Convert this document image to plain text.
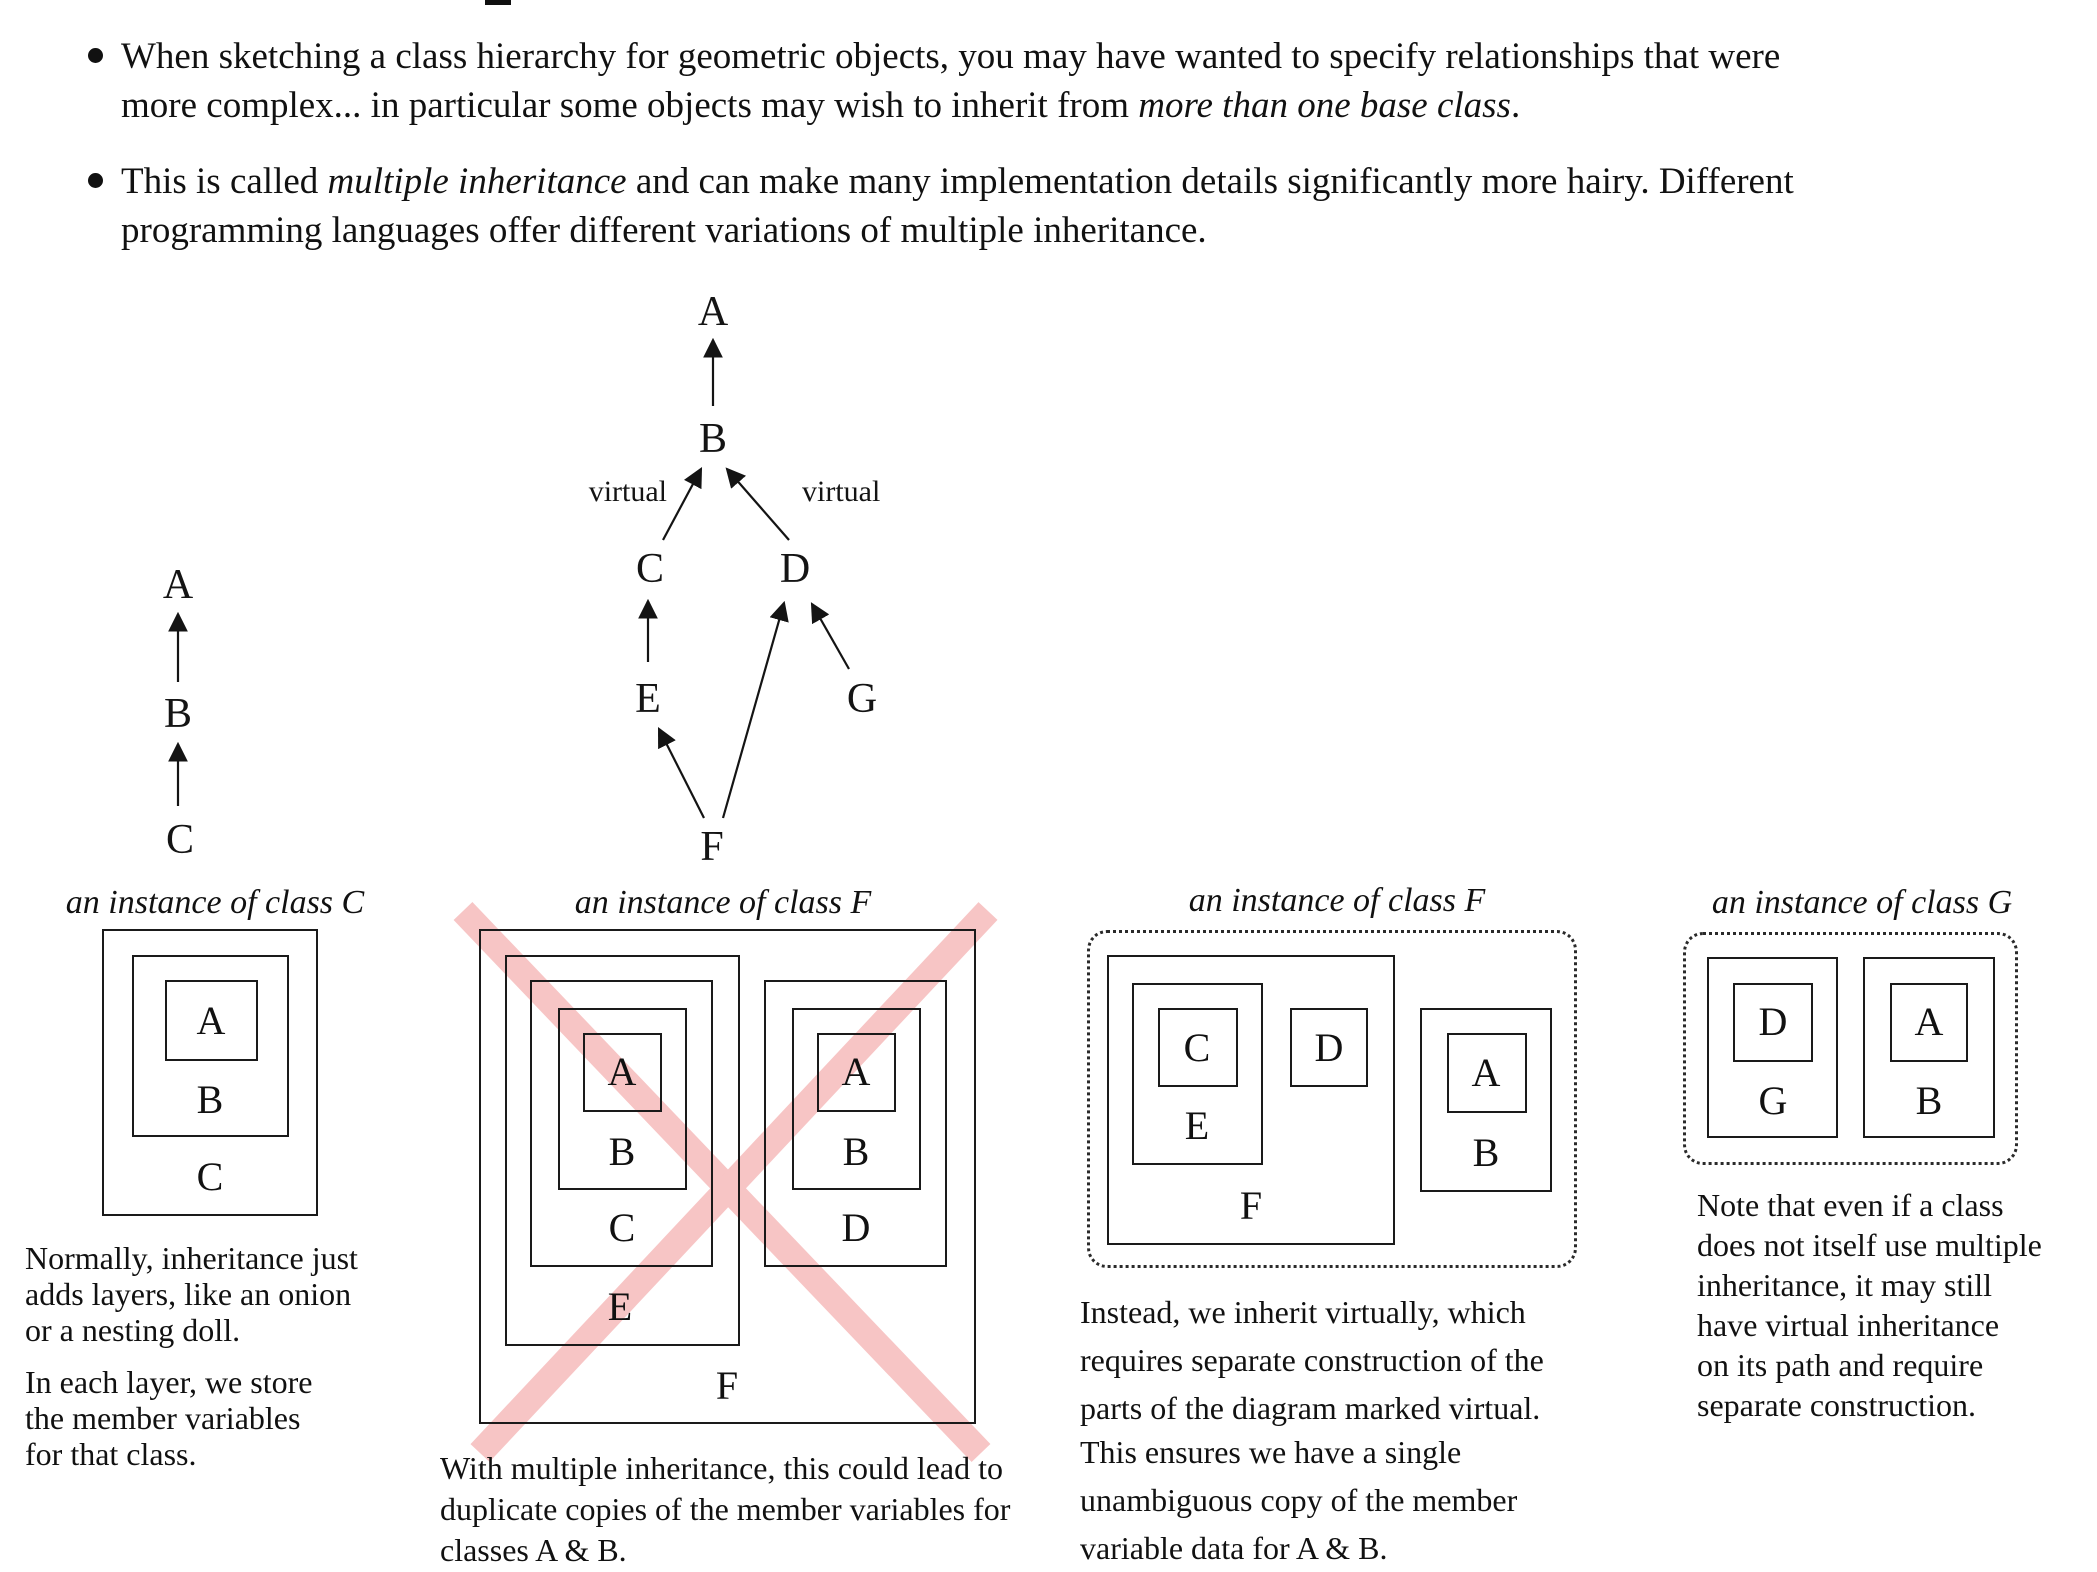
When sketching a class hierarchy for geometric objects, you may have wanted to specify relationships that were
more complex... in particular some objects may wish to inherit from more than one base class.
This is called multiple inheritance and can make many implementation details significantly more hairy. Different
programming languages offer different variations of multiple inheritance.
A
B
C
A
B
C	D
E	G
F
virtual	virtual
an instance of class C	an instance of class F	an instance of class F	an instance of class G
A
B
C
A
B
C
E
F
A
B
D
C	D
E
F
A
B
D
G
A
B
Normally, inheritance just
adds layers, like an onion
or a nesting doll.
In each layer, we store
the member variables
for that class.	With multiple inheritance, this could lead to
duplicate copies of the member variables for
classes A & B.
Instead, we inherit virtually, which
requires separate construction of the
parts of the diagram marked virtual.
This ensures we have a single
unambiguous copy of the member
variable data for A & B.
Note that even if a class
does not itself use multiple
inheritance, it may still
have virtual inheritance
on its path and require
separate construction.
